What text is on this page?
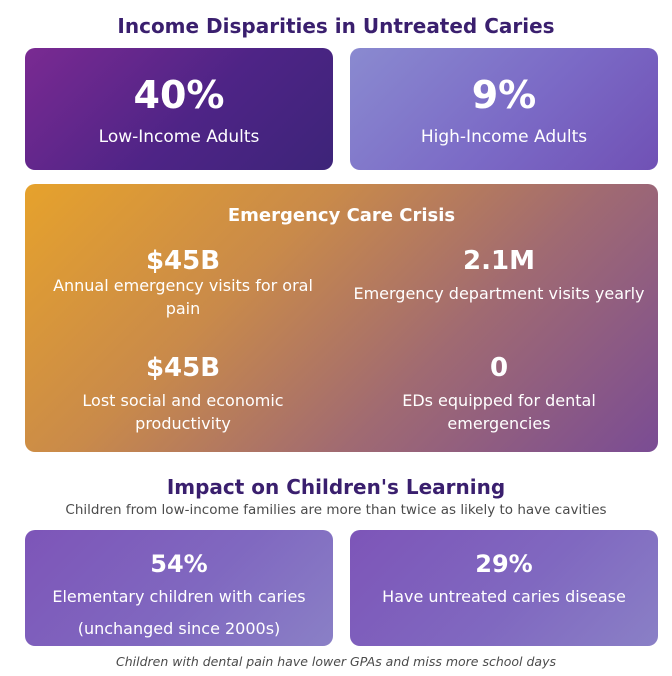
Income Disparities in Untreated Caries
40%
Low-Income Adults
9%
High-Income Adults
Emergency Care Crisis
$45B
Annual emergency visits for oral pain
2.1M
Emergency department visits yearly
$45B
Lost social and economic productivity
0
EDs equipped for dental emergencies
Impact on Children's Learning
Children from low-income families are more than twice as likely to have cavities
54%
Elementary children with caries
(unchanged since 2000s)
29%
Have untreated caries disease
Children with dental pain have lower GPAs and miss more school days
